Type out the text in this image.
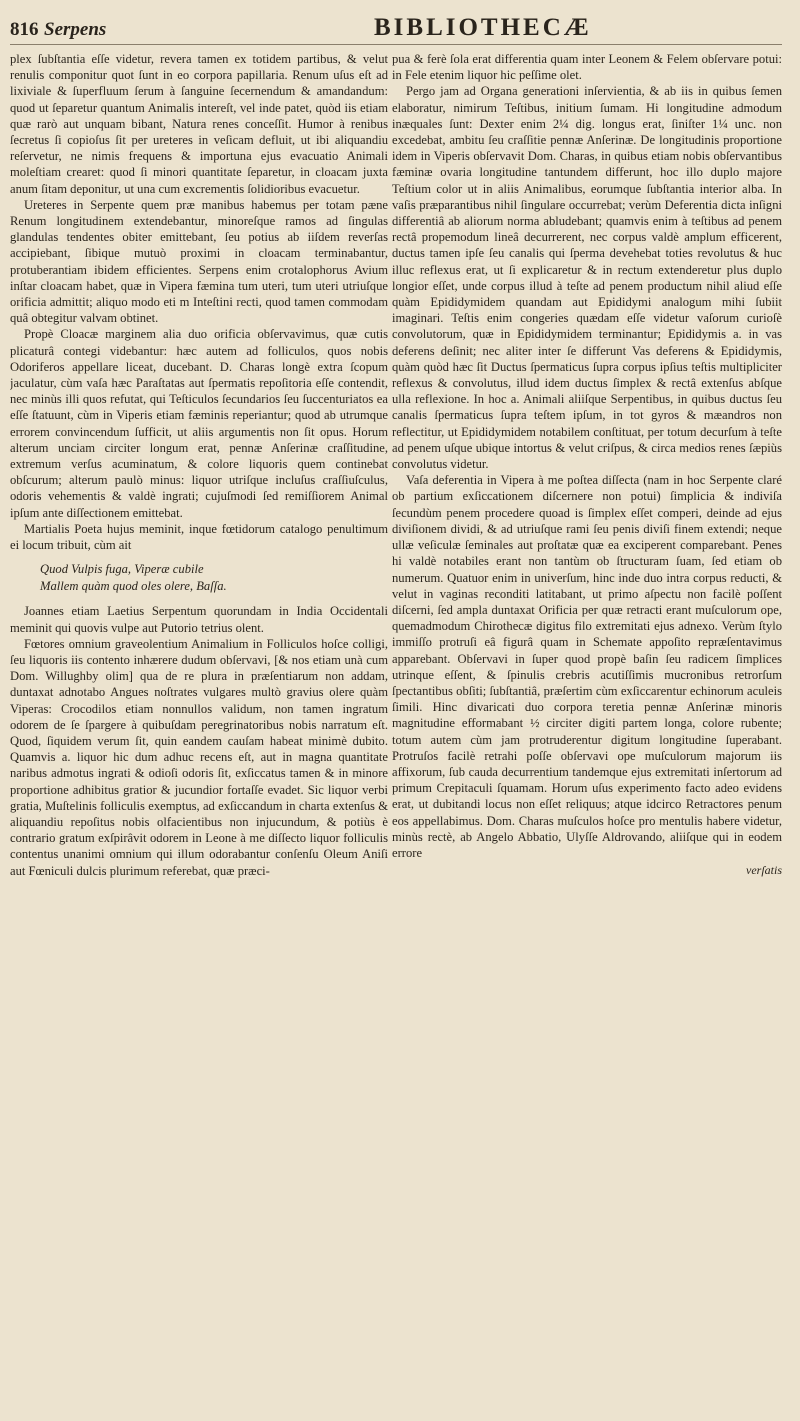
816 Serpens	BIBLIOTHECÆ

plex ſubſtantia eſſe videtur, revera tamen ex totidem partibus, & velut renulis componitur quot ſunt in eo corpora papillaria. Renum uſus eſt ad lixiviale & ſuperfluum ſerum à ſanguine ſecernendum & amandandum: quod ut ſeparetur quantum Animalis intereſt, vel inde patet, quòd iis etiam quæ rarò aut unquam bibant, Natura renes conceſſit. Humor à renibus ſecretus ſi copioſus ſit per ureteres in veſicam defluit, ut ibi aliquandiu reſervetur, ne nimis frequens & importuna ejus evacuatio Animali moleſtiam crearet: quod ſi minori quantitate ſeparetur, in cloacam juxta anum ſitam deponitur, ut una cum excrementis ſolidioribus evacuetur.

Ureteres in Serpente quem præ manibus habemus per totam pæne Renum longitudinem extendebantur, minoreſque ramos ad ſingulas glandulas tendentes obiter emittebant, ſeu potius ab iiſdem reverſas accipiebant, ſibique mutuò proximi in cloacam terminabantur, protuberantiam ibidem efficientes. Serpens enim crotalophorus Avium inſtar cloacam habet, quæ in Vipera fæmina tum uteri, tum uteri utriuſque orificia admittit; aliquo modo eti m Inteſtini recti, quod tamen commodam quâ obtegitur valvam obtinet.

Propè Cloacæ marginem alia duo orificia obſervavimus, quæ cutis plicaturâ contegi videbantur: hæc autem ad folliculos, quos nobis Odoriferos appellare liceat, ducebant. D. Charas longè extra ſcopum jaculatur, cùm vaſa hæc Paraſtatas aut ſpermatis repoſitoria eſſe contendit, nec minùs illi quos refutat, qui Teſticulos ſecundarios ſeu ſuccenturiatos ea eſſe ſtatuunt, cùm in Viperis etiam fæminis reperiantur; quod ab utrumque errorem convincendum ſufficit, ut aliis argumentis non ſit opus. Horum alterum unciam circiter longum erat, pennæ Anſerinæ craſſitudine, extremum verſus acuminatum, & colore liquoris quem continebat obſcurum; alterum paulò minus: liquor utriſque incluſus craſſiuſculus, odoris vehementis & valdè ingrati; cujuſmodi ſed remiſſiorem Animal ipſum ante diſſectionem emittebat.

Martialis Poeta hujus meminit, inque fœtidorum catalogo penultimum ei locum tribuit, cùm ait

Quod Vulpis fuga, Viperæ cubile
Mallem quàm quod oles olere, Baſſa.

Joannes etiam Laetius Serpentum quorundam in India Occidentali meminit qui quovis vulpe aut Putorio tetrius olent.

Fœtores omnium graveolentium Animalium in Folliculos hoſce colligi, ſeu liquoris iis contento inhærere dudum obſervavi, [& nos etiam unà cum Dom. Willughby olim] qua de re plura in præſentiarum non addam, duntaxat adnotabo Angues noſtrates vulgares multò gravius olere quàm Viperas: Crocodilos etiam nonnullos validum, non tamen ingratum odorem de ſe ſpargere à quibuſdam peregrinatoribus nobis narratum eſt. Quod, ſiquidem verum ſit, quin eandem cauſam habeat minimè dubito. Quamvis a. liquor hic dum adhuc recens eſt, aut in magna quantitate naribus admotus ingrati & odioſi odoris ſit, exſiccatus tamen & in minore proportione adhibitus gratior & jucundior fortaſſe evadet. Sic liquor verbi gratia, Muſtelinis folliculis exemptus, ad exſiccandum in charta extenſus & aliquandiu repoſitus nobis olfacientibus non injucundum, & potiùs è contrario gratum exſpirâvit odorem in Leone à me diſſecto liquor folliculis contentus unanimi omnium qui illum odorabantur conſenſu Oleum Aniſi aut Fœniculi dulcis plurimum referebat, quæ præci-

pua & ferè ſola erat differentia quam inter Leonem & Felem obſervare potui: in Fele etenim liquor hic peſſime olet.

Pergo jam ad Organa generationi inſervientia, & ab iis in quibus ſemen elaboratur, nimirum Teſtibus, initium ſumam. Hi longitudine admodum inæquales ſunt: Dexter enim 2¼ dig. longus erat, ſiniſter 1¼ unc. non excedebat, ambitu ſeu craſſitie pennæ Anſerinæ. De longitudinis proportione idem in Viperis obſervavit Dom. Charas, in quibus etiam nobis obſervantibus fæminæ ovaria longitudine tantundem differunt, hoc illo duplo majore Teſtium color ut in aliis Animalibus, eorumque ſubſtantia interior alba. In vaſis præparantibus nihil ſingulare occurrebat; verùm Deferentia dicta inſigni differentiâ ab aliorum norma abludebant; quamvis enim à teſtibus ad penem rectâ propemodum lineâ decurrerent, nec corpus valdè amplum efficerent, ductus tamen ipſe ſeu canalis qui ſperma devehebat toties revolutus & huc illuc reflexus erat, ut ſi explicaretur & in rectum extenderetur plus duplo longior eſſet, unde corpus illud à teſte ad penem productum nihil aliud eſſe quàm Epididymidem quandam aut Epididymi analogum mihi ſubiit imaginari. Teſtis enim congeries quædam eſſe videtur vaſorum curioſè convolutorum, quæ in Epididymidem terminantur; Epididymis a. in vas deferens deſinit; nec aliter inter ſe differunt Vas deferens & Epididymis, quàm quòd hæc ſit Ductus ſpermaticus ſupra corpus ipſius teſtis multipliciter reflexus & convolutus, illud idem ductus ſimplex & rectâ extenſus abſque ulla reflexione. In hoc a. Animali aliiſque Serpentibus, in quibus ductus ſeu canalis ſpermaticus ſupra teſtem ipſum, in tot gyros & mæandros non reflectitur, ut Epididymidem notabilem conſtituat, per totum decurſum à teſte ad penem uſque ubique intortus & velut criſpus, & circa medios renes ſæpiùs convolutus videtur.

Vaſa deferentia in Vipera à me poſtea diſſecta (nam in hoc Serpente claré ob partium exſiccationem diſcernere non potui) ſimplicia & indiviſa ſecundùm penem procedere quoad is ſimplex eſſet comperi, deinde ad ejus diviſionem dividi, & ad utriuſque rami ſeu penis diviſi finem extendi; neque ullæ veſiculæ ſeminales aut proſtatæ quæ ea exciperent comparebant. Penes hi valdè notabiles erant non tantùm ob ſtructuram ſuam, ſed etiam ob numerum. Quatuor enim in univerſum, hinc inde duo intra corpus reducti, & velut in vaginas reconditi latitabant, ut primo aſpectu non facilè poſſent diſcerni, ſed ampla duntaxat Orificia per quæ retracti erant muſculorum ope, quemadmodum Chirothecæ digitus filo extremitati ejus adnexo. Verùm ſtylo immiſſo protruſi eâ figurâ quam in Schemate appoſito repræſentavimus apparebant. Obſervavi in ſuper quod propè baſin ſeu radicem ſimplices utrinque eſſent, & ſpinulis crebris acutiſſimis mucronibus retrorſum ſpectantibus obſiti; ſubſtantiâ, præſertim cùm exſiccarentur echinorum aculeis ſimili. Hinc divaricati duo corpora teretia pennæ Anſerinæ minoris magnitudine efformabant ½ circiter digiti partem longa, colore rubente; totum autem cùm jam protruderentur digitum longitudine ſuperabant. Protruſos facilè retrahi poſſe obſervavi ope muſculorum majorum iis affixorum, ſub cauda decurrentium tandemque ejus extremitati inſertorum ad primum Crepitaculi ſquamam. Horum uſus experimento facto adeo evidens erat, ut dubitandi locus non eſſet reliquus; atque idcirco Retractores penum eos appellabimus. Dom. Charas muſculos hoſce pro mentulis habere videtur, minùs rectè, ab Angelo Abbatio, Ulyſſe Aldrovando, aliiſque qui in eodem errore

verſatis
